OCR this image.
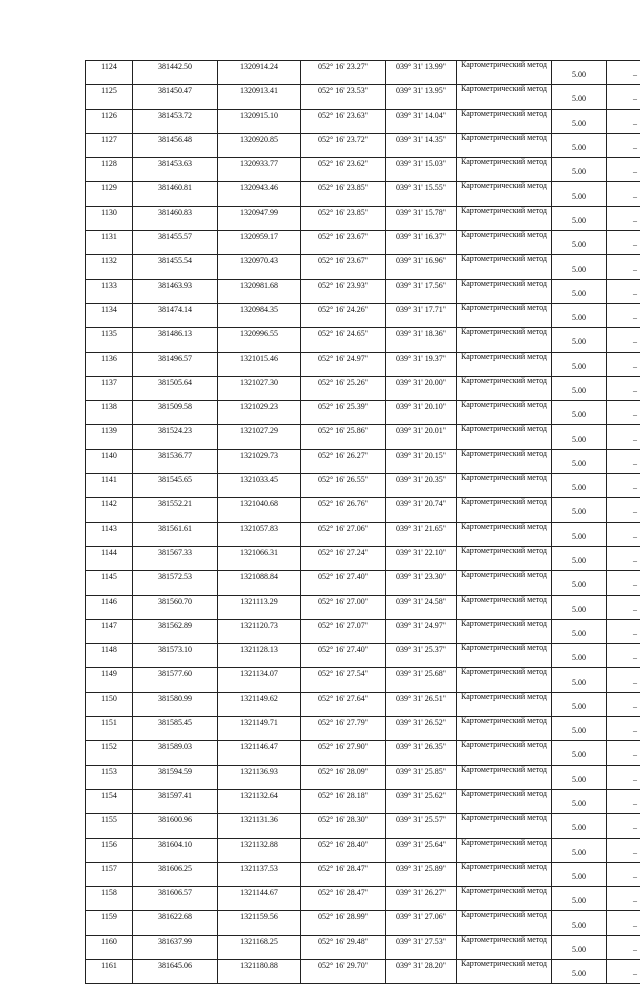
1124	381442.50	1320914.24	052° 16' 23.27"	039° 31' 13.99"	Картометрический метод	5.00	–
1125	381450.47	1320913.41	052° 16' 23.53"	039° 31' 13.95"	Картометрический метод	5.00	–
1126	381453.72	1320915.10	052° 16' 23.63"	039° 31' 14.04"	Картометрический метод	5.00	–
1127	381456.48	1320920.85	052° 16' 23.72"	039° 31' 14.35"	Картометрический метод	5.00	–
1128	381453.63	1320933.77	052° 16' 23.62"	039° 31' 15.03"	Картометрический метод	5.00	–
1129	381460.81	1320943.46	052° 16' 23.85"	039° 31' 15.55"	Картометрический метод	5.00	–
1130	381460.83	1320947.99	052° 16' 23.85"	039° 31' 15.78"	Картометрический метод	5.00	–
1131	381455.57	1320959.17	052° 16' 23.67"	039° 31' 16.37"	Картометрический метод	5.00	–
1132	381455.54	1320970.43	052° 16' 23.67"	039° 31' 16.96"	Картометрический метод	5.00	–
1133	381463.93	1320981.68	052° 16' 23.93"	039° 31' 17.56"	Картометрический метод	5.00	–
1134	381474.14	1320984.35	052° 16' 24.26"	039° 31' 17.71"	Картометрический метод	5.00	–
1135	381486.13	1320996.55	052° 16' 24.65"	039° 31' 18.36"	Картометрический метод	5.00	–
1136	381496.57	1321015.46	052° 16' 24.97"	039° 31' 19.37"	Картометрический метод	5.00	–
1137	381505.64	1321027.30	052° 16' 25.26"	039° 31' 20.00"	Картометрический метод	5.00	–
1138	381509.58	1321029.23	052° 16' 25.39"	039° 31' 20.10"	Картометрический метод	5.00	–
1139	381524.23	1321027.29	052° 16' 25.86"	039° 31' 20.01"	Картометрический метод	5.00	–
1140	381536.77	1321029.73	052° 16' 26.27"	039° 31' 20.15"	Картометрический метод	5.00	–
1141	381545.65	1321033.45	052° 16' 26.55"	039° 31' 20.35"	Картометрический метод	5.00	–
1142	381552.21	1321040.68	052° 16' 26.76"	039° 31' 20.74"	Картометрический метод	5.00	–
1143	381561.61	1321057.83	052° 16' 27.06"	039° 31' 21.65"	Картометрический метод	5.00	–
1144	381567.33	1321066.31	052° 16' 27.24"	039° 31' 22.10"	Картометрический метод	5.00	–
1145	381572.53	1321088.84	052° 16' 27.40"	039° 31' 23.30"	Картометрический метод	5.00	–
1146	381560.70	1321113.29	052° 16' 27.00"	039° 31' 24.58"	Картометрический метод	5.00	–
1147	381562.89	1321120.73	052° 16' 27.07"	039° 31' 24.97"	Картометрический метод	5.00	–
1148	381573.10	1321128.13	052° 16' 27.40"	039° 31' 25.37"	Картометрический метод	5.00	–
1149	381577.60	1321134.07	052° 16' 27.54"	039° 31' 25.68"	Картометрический метод	5.00	–
1150	381580.99	1321149.62	052° 16' 27.64"	039° 31' 26.51"	Картометрический метод	5.00	–
1151	381585.45	1321149.71	052° 16' 27.79"	039° 31' 26.52"	Картометрический метод	5.00	–
1152	381589.03	1321146.47	052° 16' 27.90"	039° 31' 26.35"	Картометрический метод	5.00	–
1153	381594.59	1321136.93	052° 16' 28.09"	039° 31' 25.85"	Картометрический метод	5.00	–
1154	381597.41	1321132.64	052° 16' 28.18"	039° 31' 25.62"	Картометрический метод	5.00	–
1155	381600.96	1321131.36	052° 16' 28.30"	039° 31' 25.57"	Картометрический метод	5.00	–
1156	381604.10	1321132.88	052° 16' 28.40"	039° 31' 25.64"	Картометрический метод	5.00	–
1157	381606.25	1321137.53	052° 16' 28.47"	039° 31' 25.89"	Картометрический метод	5.00	–
1158	381606.57	1321144.67	052° 16' 28.47"	039° 31' 26.27"	Картометрический метод	5.00	–
1159	381622.68	1321159.56	052° 16' 28.99"	039° 31' 27.06"	Картометрический метод	5.00	–
1160	381637.99	1321168.25	052° 16' 29.48"	039° 31' 27.53"	Картометрический метод	5.00	–
1161	381645.06	1321180.88	052° 16' 29.70"	039° 31' 28.20"	Картометрический метод	5.00	–
